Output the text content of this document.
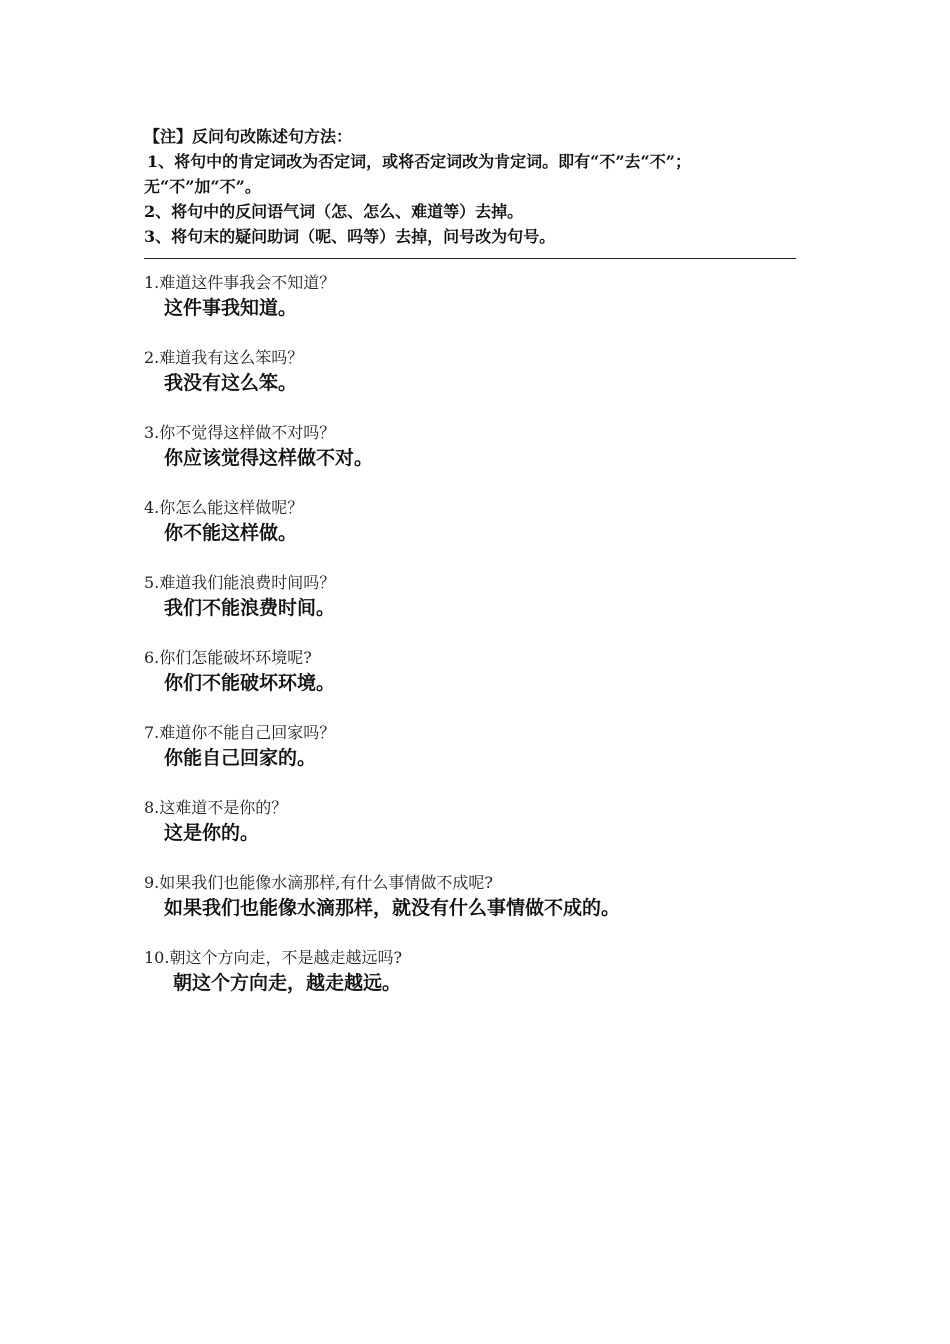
【注】反问句改陈述句方法：
1、将句中的肯定词改为否定词，或将否定词改为肯定词。即有“不”去“不”；
无“不”加“不”。
2、将句中的反问语气词（怎、怎么、难道等）去掉。
3、将句末的疑问助词（呢、吗等）去掉，问号改为句号。
1.难道这件事我会不知道？
这件事我知道。
2.难道我有这么笨吗？
我没有这么笨。
3.你不觉得这样做不对吗？
你应该觉得这样做不对。
4.你怎么能这样做呢？
你不能这样做。
5.难道我们能浪费时间吗？
我们不能浪费时间。
6.你们怎能破坏环境呢?
你们不能破坏环境。
7.难道你不能自己回家吗？
你能自己回家的。
8.这难道不是你的？
这是你的。
9.如果我们也能像水滴那样,有什么事情做不成呢?
如果我们也能像水滴那样，就没有什么事情做不成的。
10.朝这个方向走，不是越走越远吗?
朝这个方向走，越走越远。
